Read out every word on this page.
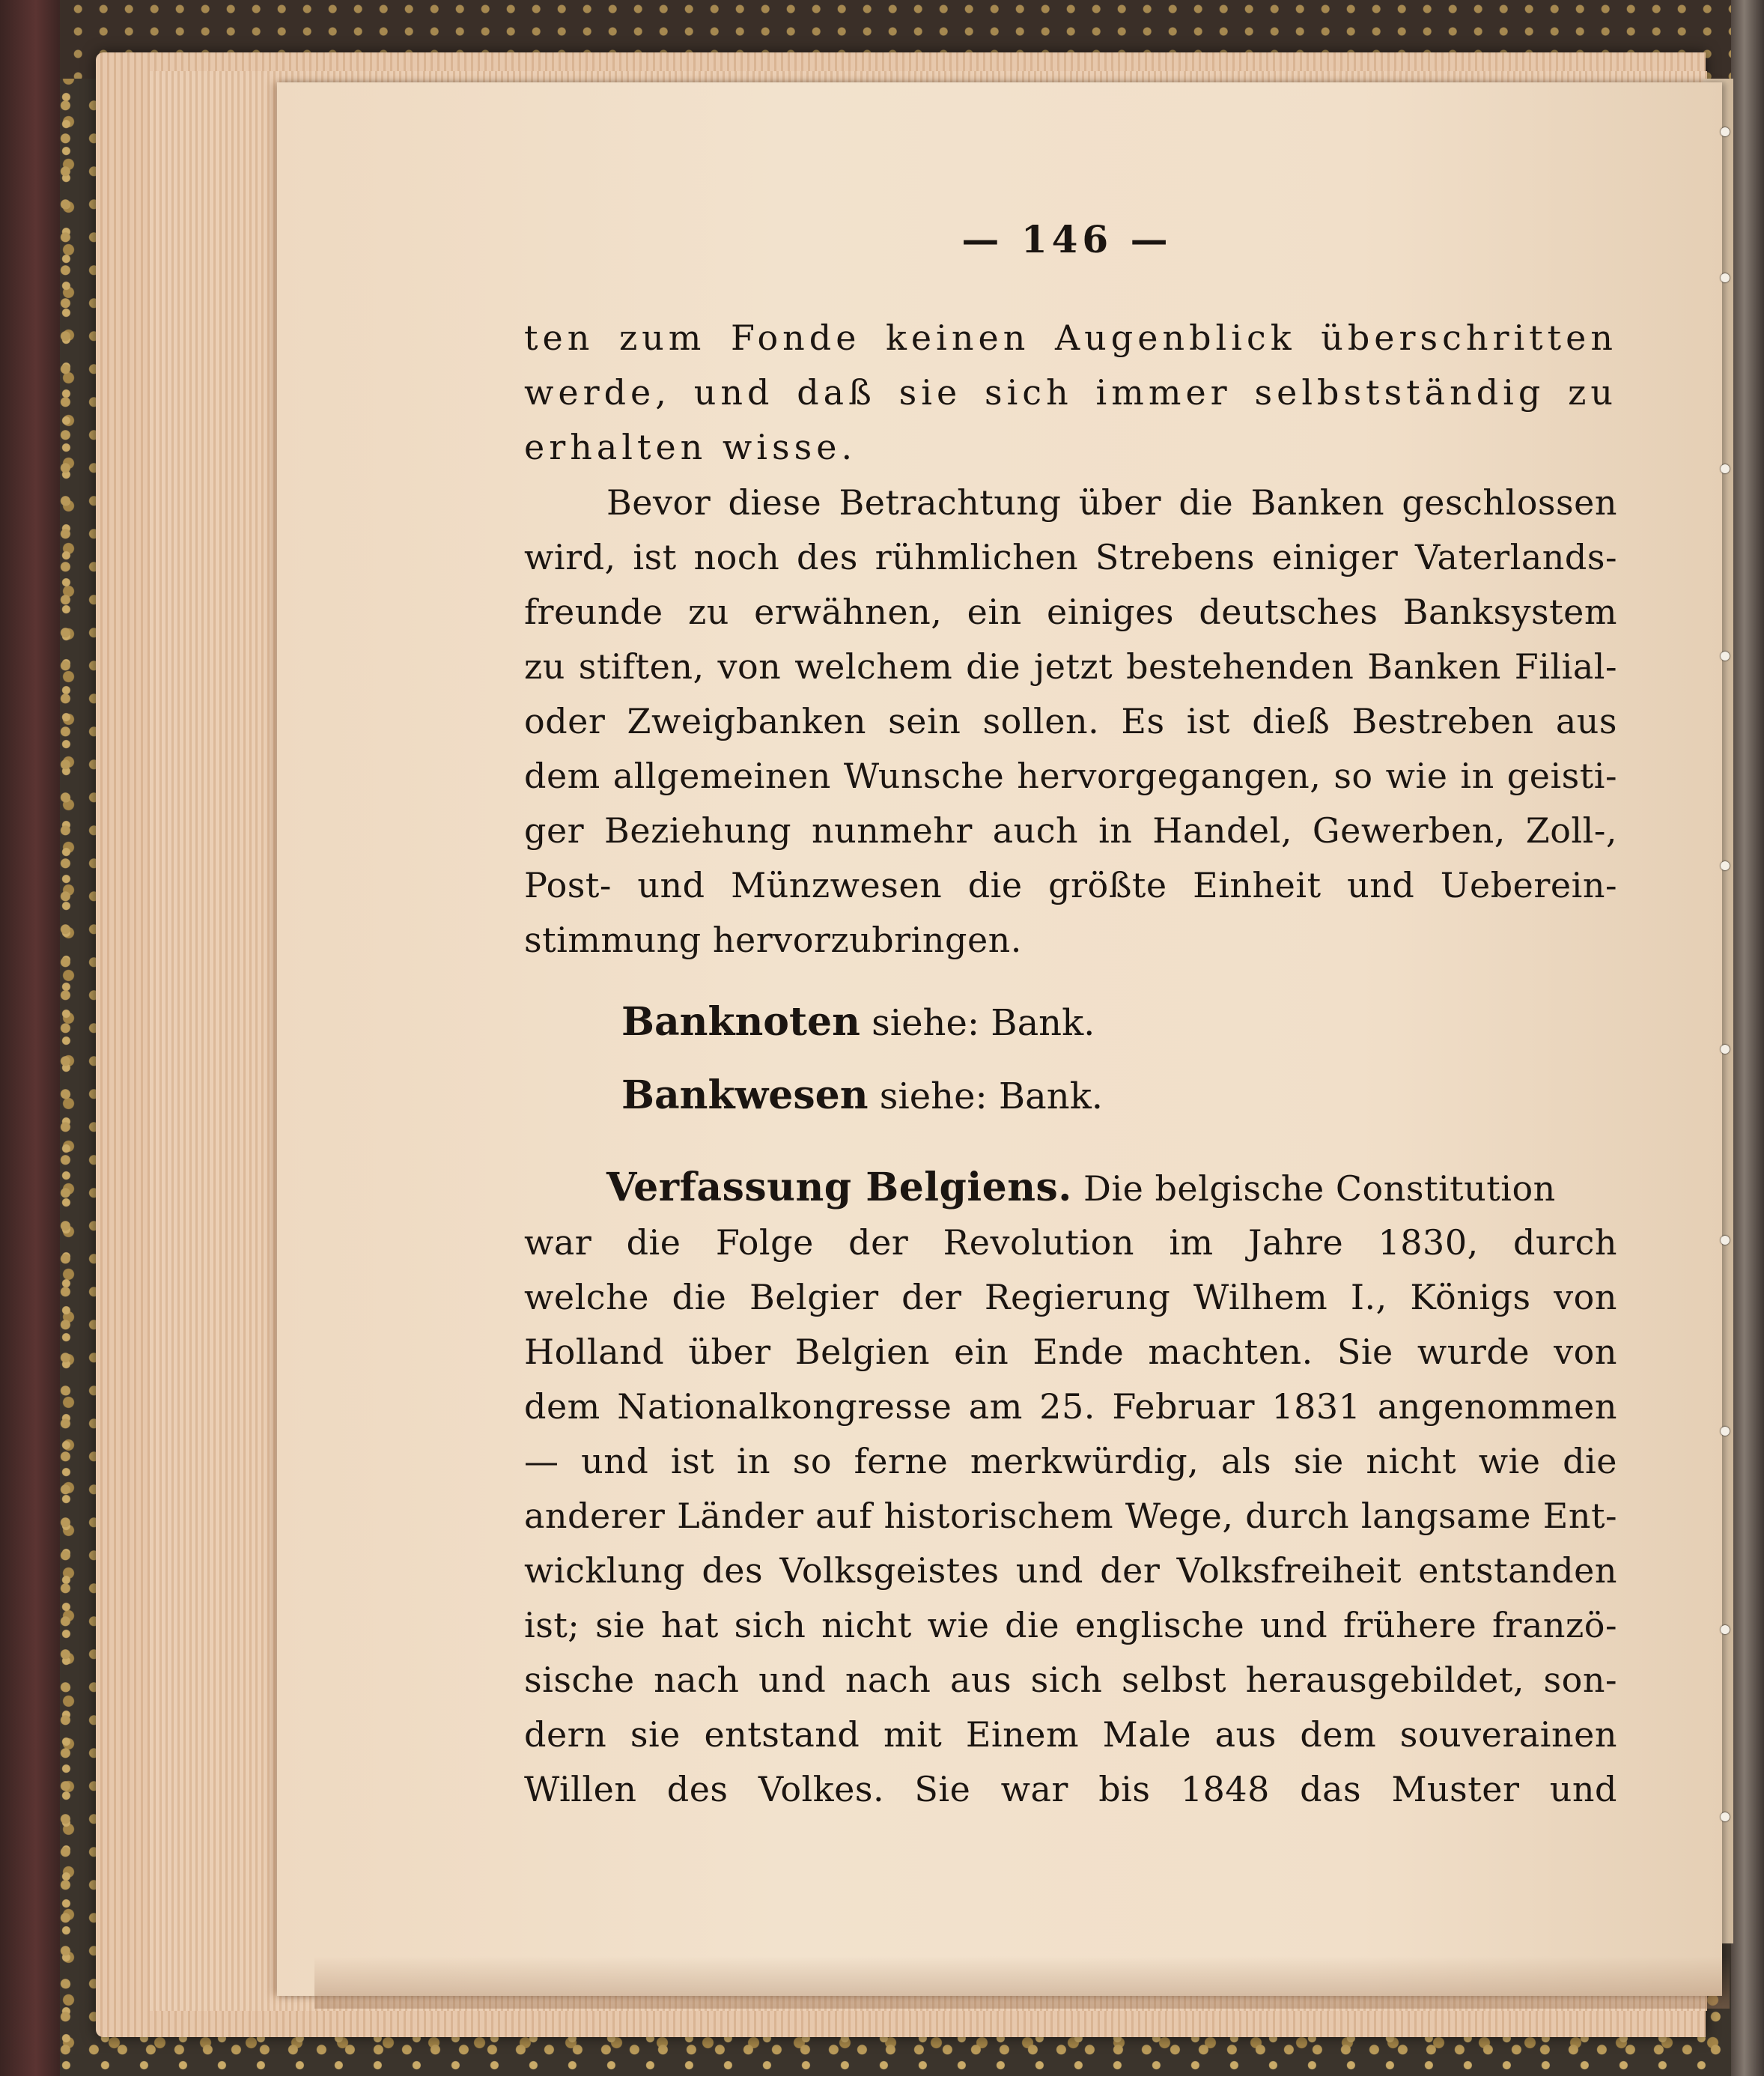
— 146 —
ten zum Fonde keinen Augenblick überschritten
werde, und daß sie sich immer selbstständig zu
erhalten wisse.
Bevor diese Betrachtung über die Banken geschlossen
wird, ist noch des rühmlichen Strebens einiger Vaterlands-
freunde zu erwähnen, ein einiges deutsches Banksystem
zu stiften, von welchem die jetzt bestehenden Banken Filial-
oder Zweigbanken sein sollen. Es ist dieß Bestreben aus
dem allgemeinen Wunsche hervorgegangen, so wie in geisti-
ger Beziehung nunmehr auch in Handel, Gewerben, Zoll-,
Post- und Münzwesen die größte Einheit und Ueberein-
stimmung hervorzubringen.
Banknoten siehe: Bank.
Bankwesen siehe: Bank.
Verfassung Belgiens. Die belgische Constitution
war die Folge der Revolution im Jahre 1830, durch
welche die Belgier der Regierung Wilhem I., Königs von
Holland über Belgien ein Ende machten. Sie wurde von
dem Nationalkongresse am 25. Februar 1831 angenommen
— und ist in so ferne merkwürdig, als sie nicht wie die
anderer Länder auf historischem Wege, durch langsame Ent-
wicklung des Volksgeistes und der Volksfreiheit entstanden
ist; sie hat sich nicht wie die englische und frühere franzö-
sische nach und nach aus sich selbst herausgebildet, son-
dern sie entstand mit Einem Male aus dem souverainen
Willen des Volkes. Sie war bis 1848 das Muster und
